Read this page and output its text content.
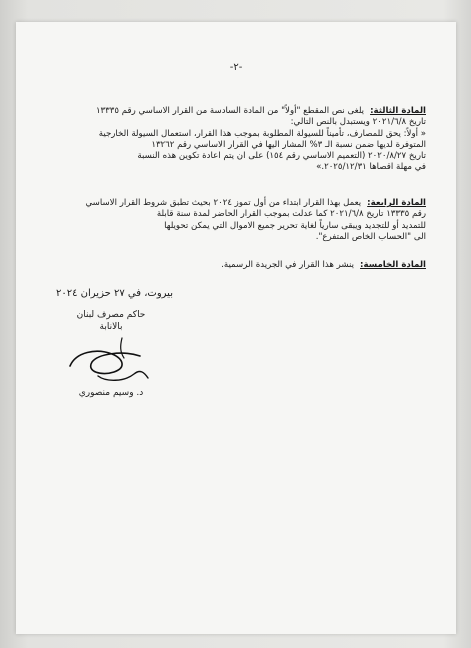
-٢-
المادة الثالثة:

يلغى نص المقطع "أولاً" من المادة السادسة من القرار الاساسي رقم ١٣٣٣٥

تاريخ ٢٠٢١/٦/٨ ويستبدل بالنص التالي:

« أولاً: يحق للمصارف، تأميناً للسيولة المطلوبة بموجب هذا القرار، استعمال السيولة الخارجية

المتوفرة لديها ضمن نسبة الـ ٣% المشار اليها في القرار الاساسي رقم ١٣٢٦٢

تاريخ ٢٠٢٠/٨/٢٧ (التعميم الاساسي رقم ١٥٤) على ان يتم اعادة تكوين هذه النسبة

في مهلة اقصاها ٢٠٢٥/١٢/٣١.»

المادة الرابعة:

يعمل بهذا القرار ابتداء من أول تموز ٢٠٢٤ بحيث تطبق شروط القرار الاساسي

رقم ١٣٣٣٥ تاريخ ٢٠٢١/٦/٨ كما عدلت بموجب القرار الحاضر لمدة سنة قابلة

للتمديد أو للتجديد ويبقى سارياً لغاية تحرير جميع الاموال التي يمكن تحويلها

الى "الحساب الخاص المتفرع".

المادة الخامسة:

ينشر هذا القرار في الجريدة الرسمية.

بيروت، في ٢٧ حزيران ٢٠٢٤
حاكم مصرف لبنان
بالانابة
د. وسيم منصوري
